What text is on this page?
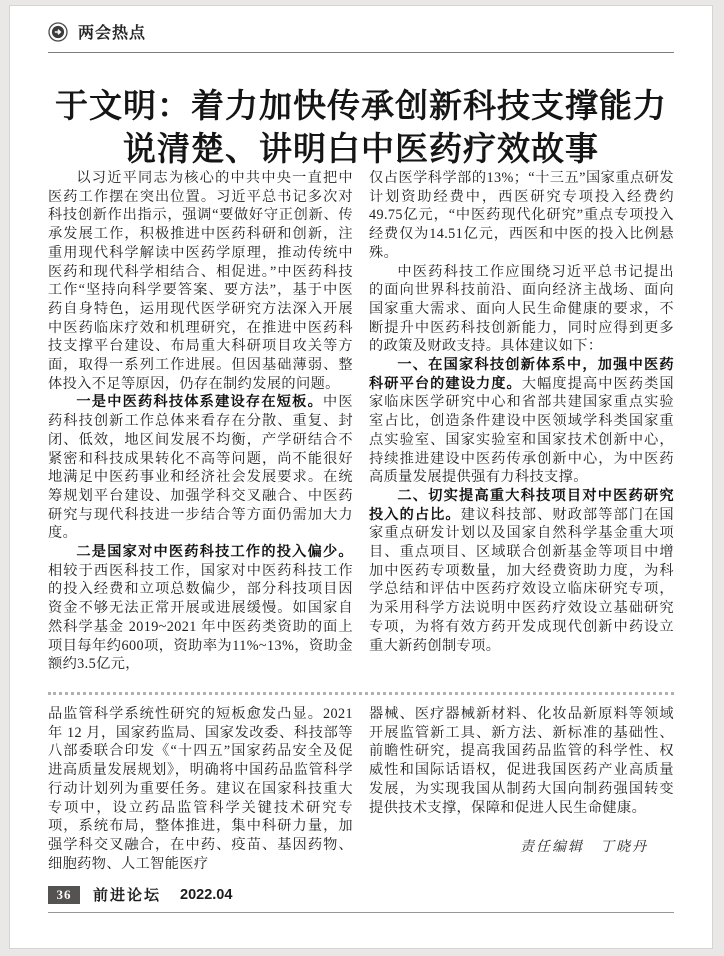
两会热点
于文明：着力加快传承创新科技支撑能力
说清楚、讲明白中医药疗效故事

以习近平同志为核心的中共中央一直把中医药工作摆在突出位置。习近平总书记多次对科技创新作出指示，强调“要做好守正创新、传承发展工作，积极推进中医药科研和创新，注重用现代科学解读中医药学原理，推动传统中医药和现代科学相结合、相促进。”中医药科技工作“坚持向科学要答案、要方法”，基于中医药自身特色，运用现代医学研究方法深入开展中医药临床疗效和机理研究，在推进中医药科技支撑平台建设、布局重大科研项目攻关等方面，取得一系列工作进展。但因基础薄弱、整体投入不足等原因，仍存在制约发展的问题。

一是中医药科技体系建设存在短板。中医药科技创新工作总体来看存在分散、重复、封闭、低效，地区间发展不均衡，产学研结合不紧密和科技成果转化不高等问题，尚不能很好地满足中医药事业和经济社会发展要求。在统筹规划平台建设、加强学科交叉融合、中医药研究与现代科技进一步结合等方面仍需加大力度。

二是国家对中医药科技工作的投入偏少。相较于西医科技工作，国家对中医药科技工作的投入经费和立项总数偏少，部分科技项目因资金不够无法正常开展或进展缓慢。如国家自然科学基金 2019~2021 年中医药类资助的面上项目每年约600项，资助率为11%~13%，资助金额约3.5亿元，

仅占医学科学部的13%；“十三五”国家重点研发计划资助经费中，西医研究专项投入经费约49.75亿元，“中医药现代化研究”重点专项投入经费仅为14.51亿元，西医和中医的投入比例悬殊。

中医药科技工作应围绕习近平总书记提出的面向世界科技前沿、面向经济主战场、面向国家重大需求、面向人民生命健康的要求，不断提升中医药科技创新能力，同时应得到更多的政策及财政支持。具体建议如下：

一、在国家科技创新体系中，加强中医药科研平台的建设力度。大幅度提高中医药类国家临床医学研究中心和省部共建国家重点实验室占比，创造条件建设中医领域学科类国家重点实验室、国家实验室和国家技术创新中心，持续推进建设中医药传承创新中心，为中医药高质量发展提供强有力科技支撑。

二、切实提高重大科技项目对中医药研究投入的占比。建议科技部、财政部等部门在国家重点研发计划以及国家自然科学基金重大项目、重点项目、区域联合创新基金等项目中增加中医药专项数量，加大经费资助力度，为科学总结和评估中医药疗效设立临床研究专项，为采用科学方法说明中医药疗效设立基础研究专项，为将有效方药开发成现代创新中药设立重大新药创制专项。

品监管科学系统性研究的短板愈发凸显。2021 年 12 月，国家药监局、国家发改委、科技部等八部委联合印发《“十四五”国家药品安全及促进高质量发展规划》，明确将中国药品监管科学行动计划列为重要任务。建议在国家科技重大专项中，设立药品监管科学关键技术研究专项，系统布局，整体推进，集中科研力量，加强学科交叉融合，在中药、疫苗、基因药物、细胞药物、人工智能医疗

器械、医疗器械新材料、化妆品新原料等领域开展监管新工具、新方法、新标准的基础性、前瞻性研究，提高我国药品监管的科学性、权威性和国际话语权，促进我国医药产业高质量发展，为实现我国从制药大国向制药强国转变提供技术支撑，保障和促进人民生命健康。

责任编辑　丁晓丹
36	前进论坛 2022.04
